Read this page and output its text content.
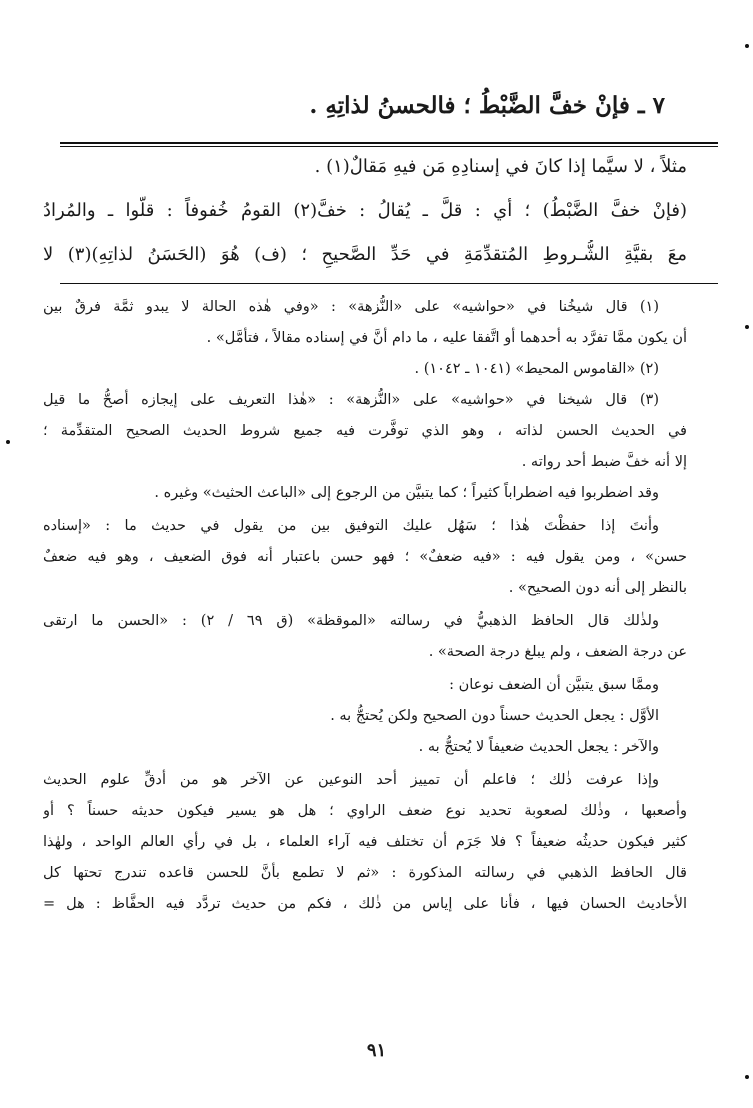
٧ ـ فإنْ خفَّ الضَّبْطُ ؛ فالحسنُ لذاتِهِ .
مثلاً ، لا سيَّما إذا كانَ في إسنادِهِ مَن فيهِ مَقالٌ(١) .
(فإنْ خفَّ الضَّبْطُ) ؛ أي : قلَّ ـ يُقالُ : خفَّ(٢) القومُ خُفوفاً : قلُّوا ـ والمُرادُ
معَ بقيَّةِ الشُّـروطِ المُتقدِّمَةِ في حَدِّ الصَّحيحِ ؛ (ف) هُوَ (الحَسَنُ لذاتِهِ)(٣) لا
(١) قال شيخُنا في «حواشيه» على «النُّزهة» : «وفي هٰذه الحالة لا يبدو ثمَّة فرقٌ بين
أن يكون ممَّا تفرَّد به أحدهما أو اتَّفقا عليه ، ما دام أنَّ في إسناده مقالاً ، فتأمَّل» .
(٢) «القاموس المحيط» (١٠٤١ ـ ١٠٤٢) .
(٣) قال شيخنا في «حواشيه» على «النُّزهة» : «هٰذا التعريف على إيجازه أصحُّ ما قيل
في الحديث الحسن لذاته ، وهو الذي توفَّرت فيه جميع شروط الحديث الصحيح المتقدِّمة ؛
إلا أنه خفَّ ضبط أحد رواته .
وقد اضطربوا فيه اضطراباً كثيراً ؛ كما يتبيَّن من الرجوع إلى «الباعث الحثيث» وغيره .
وأنتَ إذا حفظْتَ هٰذا ؛ سَهُل عليك التوفيق بين من يقول في حديث ما : «إسناده
حسن» ، ومن يقول فيه : «فيه ضعفٌ» ؛ فهو حسن باعتبار أنه فوق الضعيف ، وهو فيه ضعفٌ
بالنظر إلى أنه دون الصحيح» .
ولذٰلك قال الحافظ الذهبيُّ في رسالته «الموقظة» (ق ٦٩ / ٢) : «الحسن ما ارتقى
عن درجة الضعف ، ولم يبلغ درجة الصحة» .
وممَّا سبق يتبيَّن أن الضعف نوعان :
الأوَّل : يجعل الحديث حسناً دون الصحيح ولكن يُحتجُّ به .
والآخر : يجعل الحديث ضعيفاً لا يُحتجُّ به .
وإذا عرفت ذٰلك ؛ فاعلم أن تمييز أحد النوعين عن الآخر هو من أدقِّ علوم الحديث
وأصعبها ، وذٰلك لصعوبة تحديد نوع ضعف الراوي ؛ هل هو يسير فيكون حديثه حسناً ؟ أو
كثير فيكون حديثُه ضعيفاً ؟ فلا جَرَم أن تختلف فيه آراء العلماء ، بل في رأي العالم الواحد ، ولهٰذا
قال الحافظ الذهبي في رسالته المذكورة : «ثم لا تطمع بأنَّ للحسن قاعده تندرج تحتها كل
الأحاديث الحسان فيها ، فأنا على إياس من ذٰلك ، فكم من حديث تردَّد فيه الحفَّاظ : هل =
٩١
